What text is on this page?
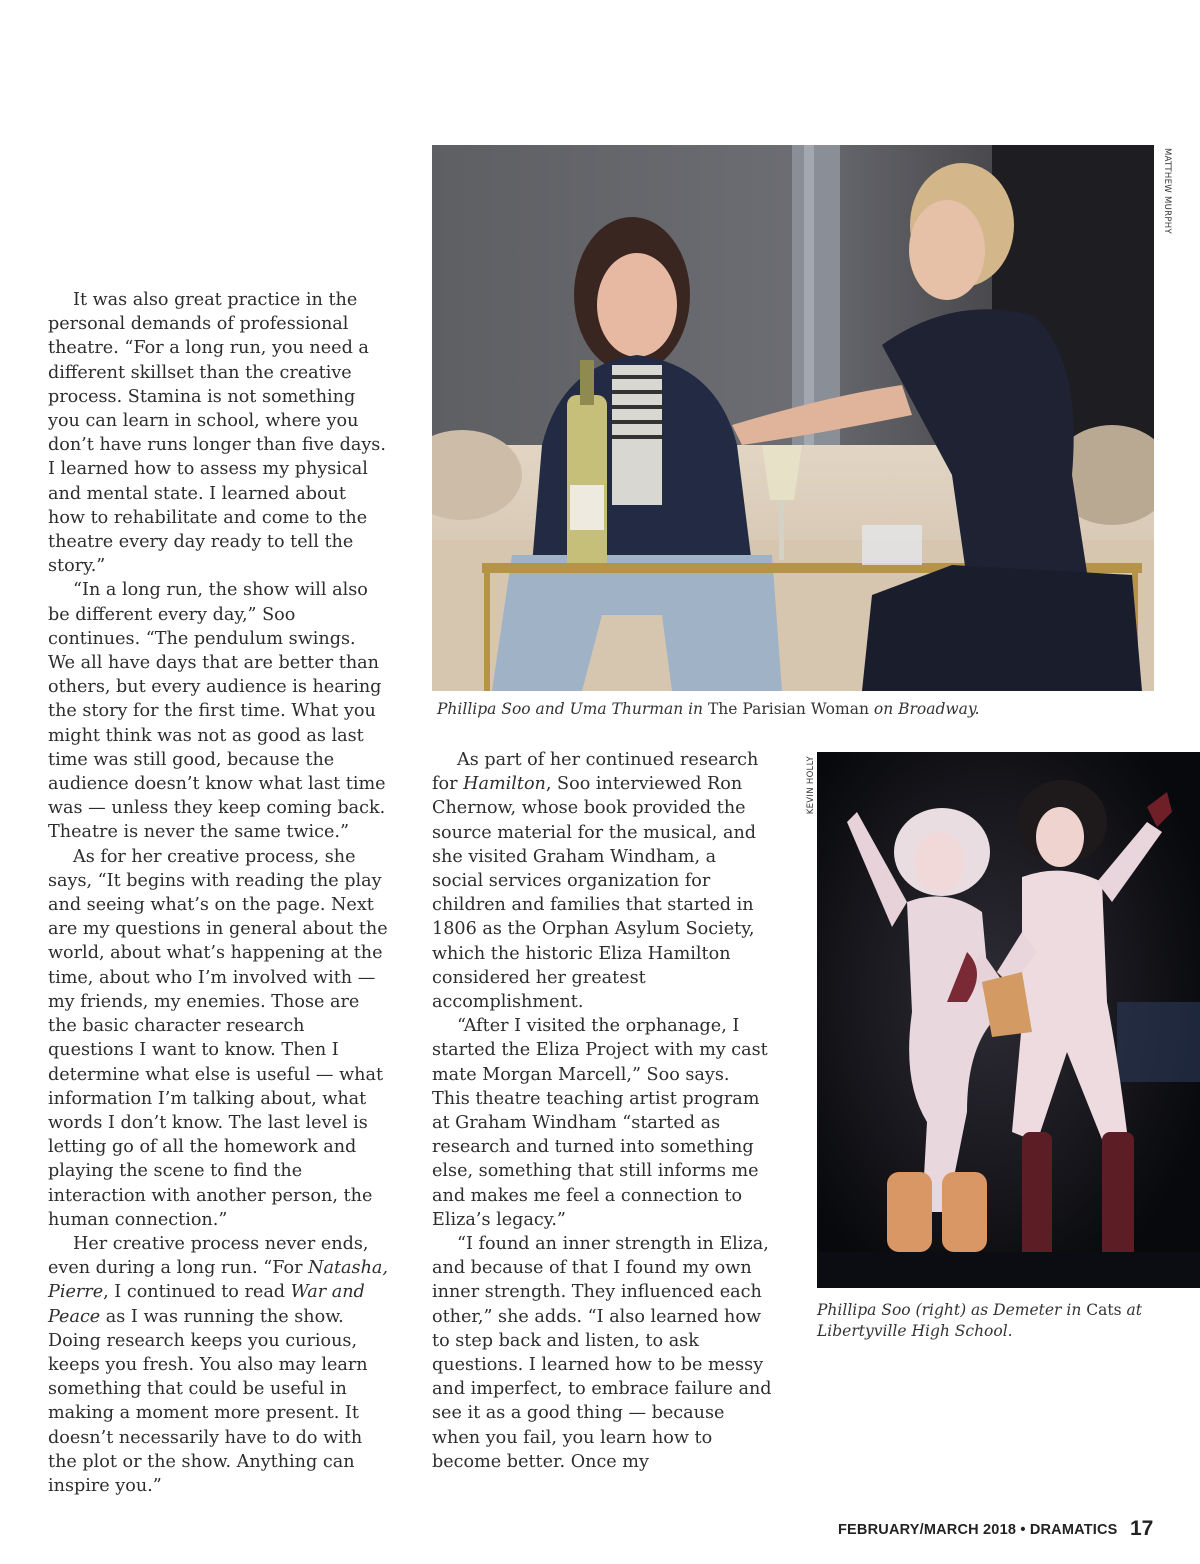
It was also great practice in the personal demands of professional theatre. “For a long run, you need a different skillset than the creative process. Stamina is not something you can learn in school, where you don’t have runs longer than five days. I learned how to assess my physical and mental state. I learned about how to rehabilitate and come to the theatre every day ready to tell the story.”

“In a long run, the show will also be different every day,” Soo continues. “The pendulum swings. We all have days that are better than others, but every audience is hearing the story for the first time. What you might think was not as good as last time was still good, because the audience doesn’t know what last time was — unless they keep coming back. Theatre is never the same twice.”

As for her creative process, she says, “It begins with reading the play and seeing what’s on the page. Next are my questions in general about the world, about what’s happening at the time, about who I’m involved with — my friends, my enemies. Those are the basic character research questions I want to know. Then I determine what else is useful — what information I’m talking about, what words I don’t know. The last level is letting go of all the homework and playing the scene to find the interaction with another person, the human connection.”

Her creative process never ends, even during a long run. “For Natasha, Pierre, I continued to read War and Peace as I was running the show. Doing research keeps you curious, keeps you fresh. You also may learn something that could be useful in making a moment more present. It doesn’t necessarily have to do with the plot or the show. Anything can inspire you.”

MATTHEW MURPHY
Phillipa Soo and Uma Thurman in The Parisian Woman on Broadway.

As part of her continued research for Hamilton, Soo interviewed Ron Chernow, whose book provided the source material for the musical, and she visited Graham Windham, a social services organization for children and families that started in 1806 as the Orphan Asylum Society, which the historic Eliza Hamilton considered her greatest accomplishment.

“After I visited the orphanage, I started the Eliza Project with my cast mate Morgan Marcell,” Soo says. This theatre teaching artist program at Graham Windham “started as research and turned into something else, something that still informs me and makes me feel a connection to Eliza’s legacy.”

“I found an inner strength in Eliza, and because of that I found my own inner strength. They influenced each other,” she adds. “I also learned how to step back and listen, to ask questions. I learned how to be messy and imperfect, to embrace failure and see it as a good thing — because when you fail, you learn how to become better. Once my

KEVIN HOLLY
Phillipa Soo (right) as Demeter in Cats at Libertyville High School.
FEBRUARY/MARCH 2018 • DRAMATICS 17
